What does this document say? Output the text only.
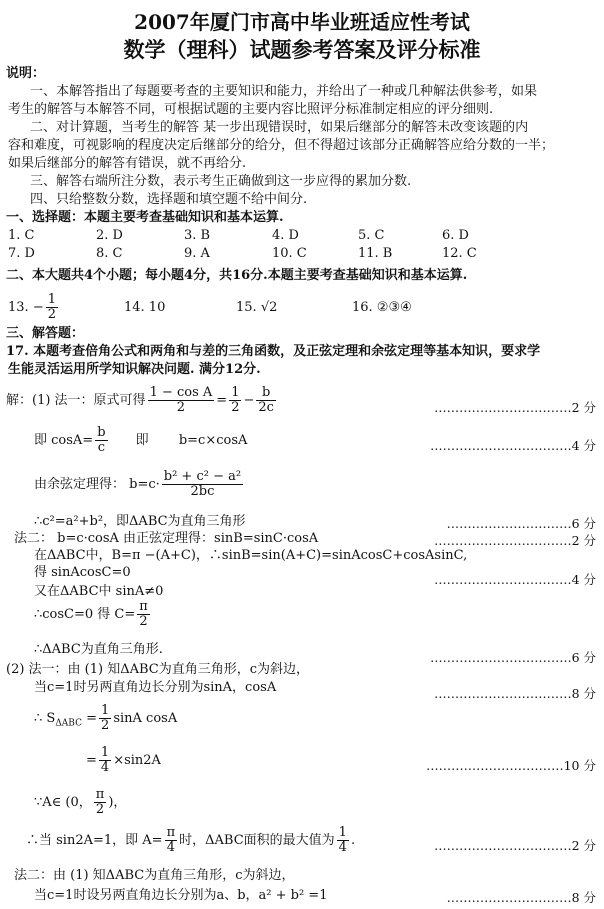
2007年厦门市高中毕业班适应性考试
数学（理科）试题参考答案及评分标准
说明：
一、本解答指出了每题要考查的主要知识和能力，并给出了一种或几种解法供参考，如果
考生的解答与本解答不同，可根据试题的主要内容比照评分标准制定相应的评分细则.
二、对计算题，当考生的解答 某一步出现错误时，如果后继部分的解答未改变该题的内
容和难度，可视影响的程度决定后继部分的给分，但不得超过该部分正确解答应给分数的一半；
如果后继部分的解答有错误，就不再给分.
三、解答右端所注分数，表示考生正确做到这一步应得的累加分数.
四、只给整数分数，选择题和填空题不给中间分.
一、选择题：本题主要考查基础知识和基本运算.
1. C	2. D	3. B	4. D	5. C	6. D
7. D	8. C	9. A	10. C	11. B	12. C
二、本大题共4个小题；每小题4分，共16分.本题主要考查基础知识和基本运算.
13. − $\frac{1}{2}$	14. 10	15. √2	16. ②③④
三、解答题：
17. 本题考查倍角公式和两角和与差的三角函数，及正弦定理和余弦定理等基本知识，要求学
生能灵活运用所学知识解决问题. 满分12分.
解：(1) 法一：原式可得 $\frac{\text{1 − cos A}}{2} = \frac{1}{2} - \frac{b}{2c}$	……………………………2 分
即 $\cos A= \frac{b}{c}$ 即 b=c×cosA	…………………………….4 分
由余弦定理得： $b=c\cdot \frac{\text{b² + c² − a²}}{2bc}$
∴c²=a²+b²，即ΔABC为直角三角形	…………………………6 分
法二： b=c·cosA 由正弦定理得：sinB=sinC·cosA	……………………………2 分
在ΔABC中，B=π −(A+C)，∴sinB=sin(A+C)=sinAcosC+cosAsinC,
得 sinAcosC=0	……………………………4 分
又在ΔABC中 sinA≠0
∴cosC=0 得 $C= \frac{\pi}{2}$
∴ΔABC为直角三角形.
…………………………….6 分
(2) 法一：由 (1) 知ΔABC为直角三角形，c为斜边，
当c=1时另两直角边长分别为sinA，cosA	……………………………8 分
∴ $S_{\Delta ABC} = \frac{1}{2}$ sinA cosA
= $\frac{1}{4} \times\sin 2A$	……………………………10 分
∵A∈ (0， $\frac{\pi}{2}$ )，
∴当 sin2A=1，即 $A= \frac{\pi}{4}$ 时，ΔABC面积的最大值为 $\frac{1}{4}$ .	……………………………2 分
法二：由 (1) 知ΔABC为直角三角形，c为斜边，
当c=1时设另两直角边长分别为a、b，a² + b² =1	…………………………8 分
